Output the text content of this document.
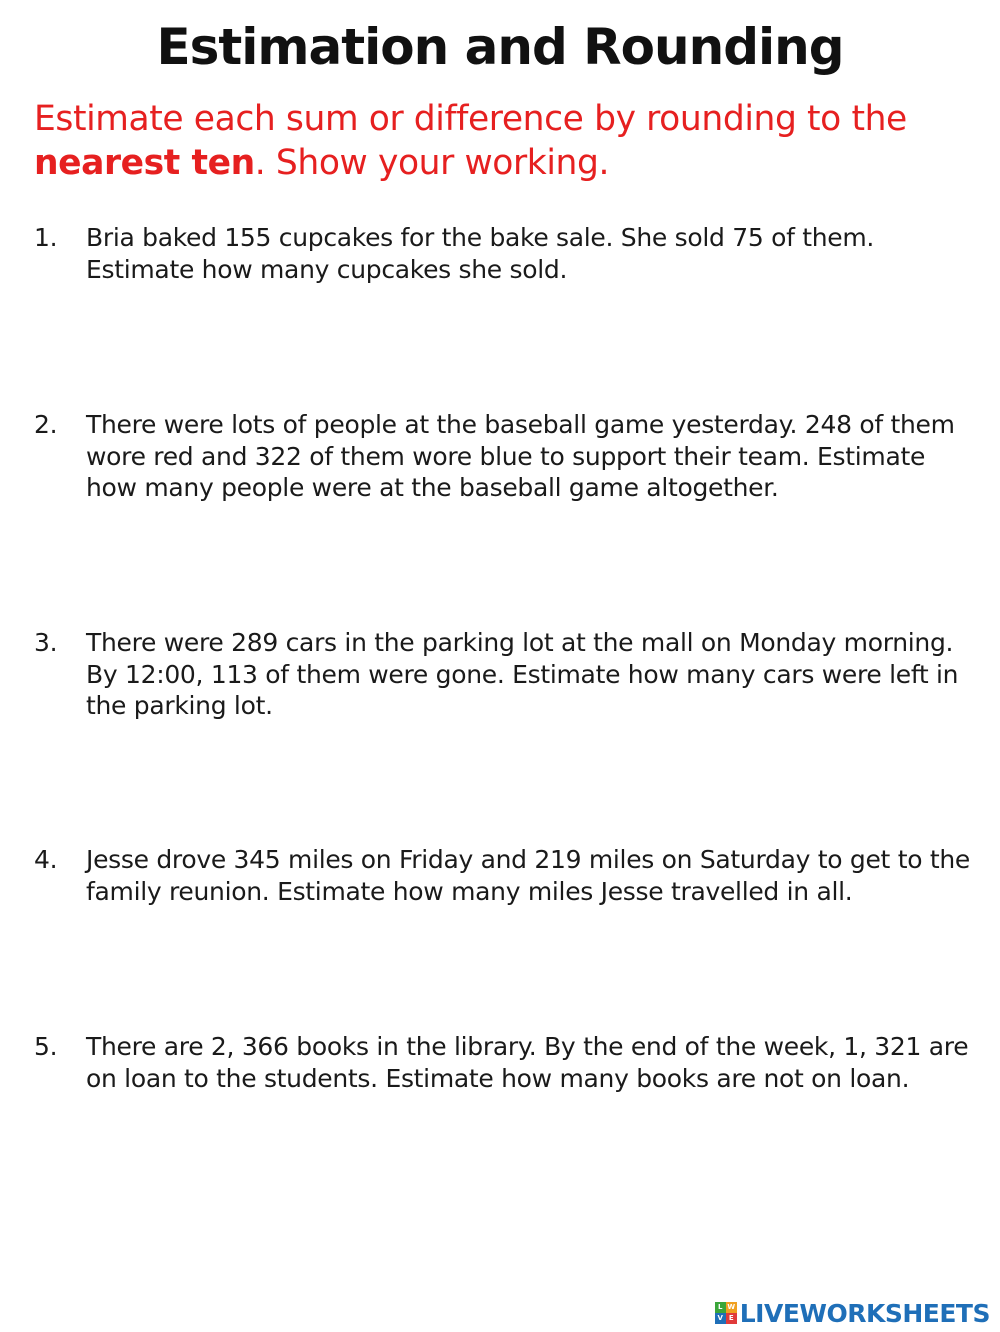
Estimation and Rounding
Estimate each sum or difference by rounding to the nearest ten. Show your working.
1.	Bria baked 155 cupcakes for the bake sale. She sold 75 of them. Estimate how many cupcakes she sold.
2.	There were lots of people at the baseball game yesterday. 248 of them wore red and 322 of them wore blue to support their team. Estimate how many people were at the baseball game altogether.
3.	There were 289 cars in the parking lot at the mall on Monday morning. By 12:00, 113 of them were gone. Estimate how many cars were left in the parking lot.
4.	Jesse drove 345 miles on Friday and 219 miles on Saturday to get to the family reunion. Estimate how many miles Jesse travelled in all.
5.	There are 2, 366 books in the library. By the end of the week, 1, 321 are on loan to the students. Estimate how many books are not on loan.
L W
V E LIVEWORKSHEETS
